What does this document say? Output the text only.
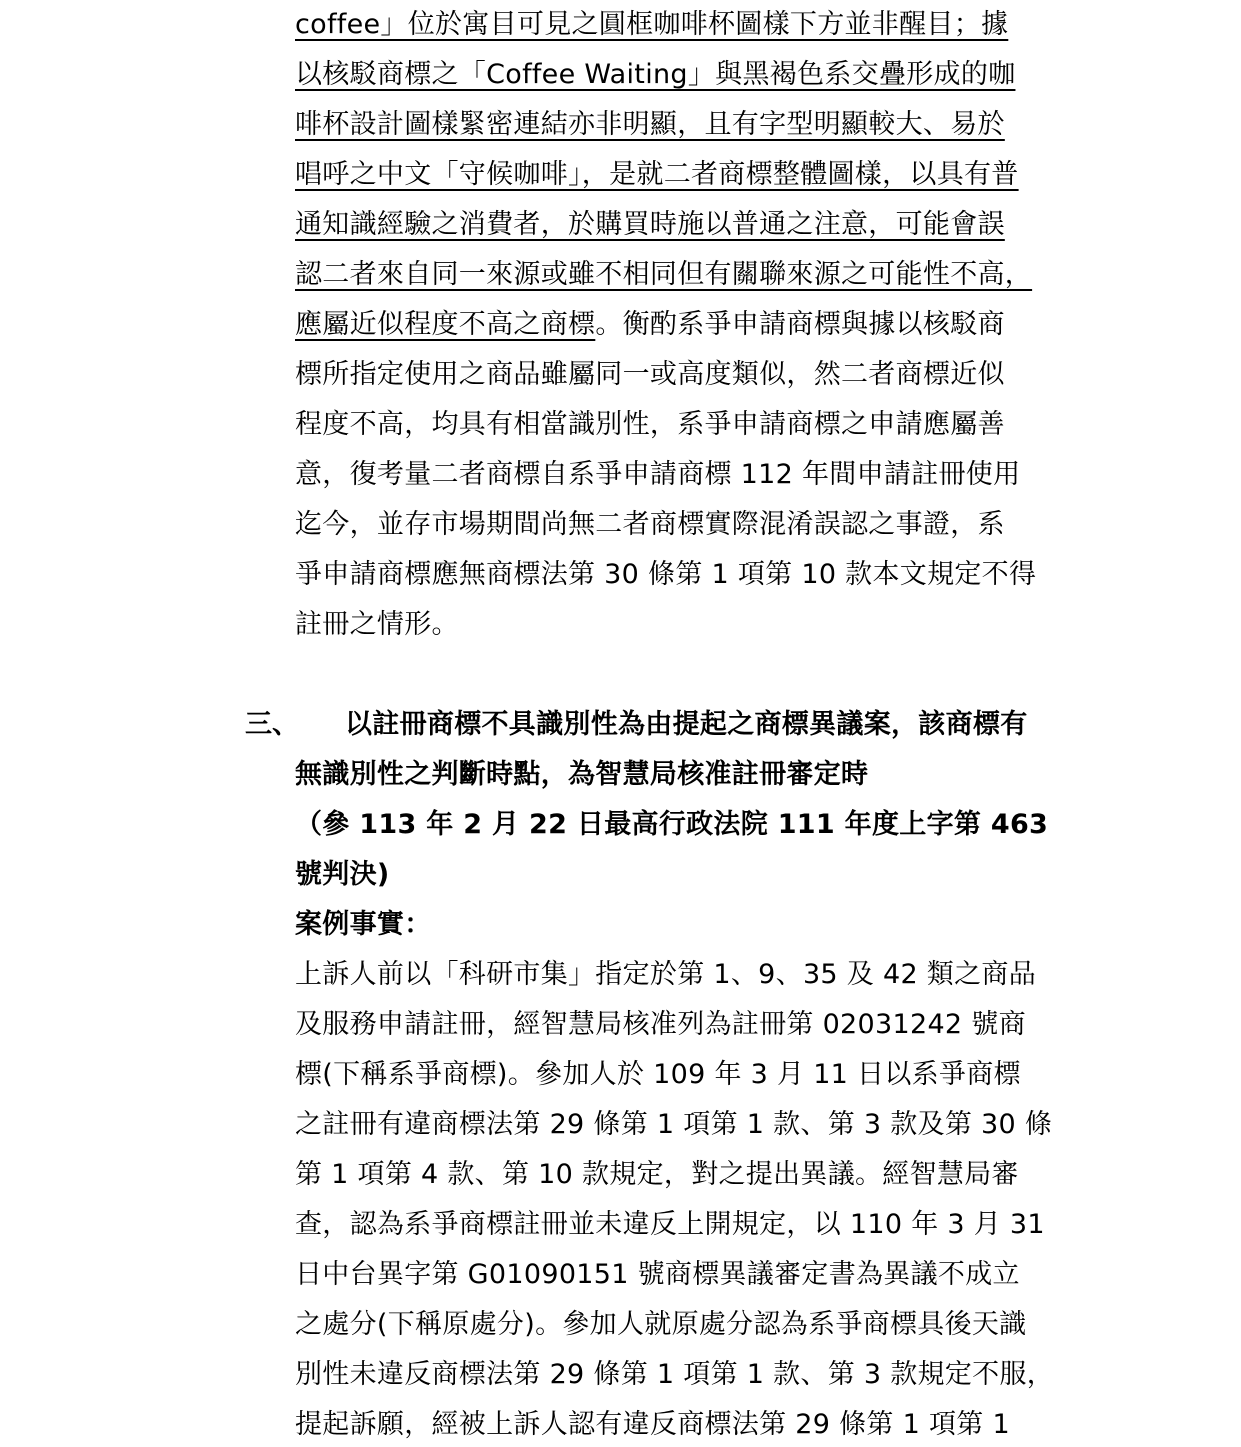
coffee」位於寓目可見之圓框咖啡杯圖樣下方並非醒目；據
以核駁商標之「Coffee Waiting」與黑褐色系交疊形成的咖
啡杯設計圖樣緊密連結亦非明顯，且有字型明顯較大、易於
唱呼之中文「守候咖啡」，是就二者商標整體圖樣，以具有普
通知識經驗之消費者，於購買時施以普通之注意，可能會誤
認二者來自同一來源或雖不相同但有關聯來源之可能性不高，
應屬近似程度不高之商標。衡酌系爭申請商標與據以核駁商
標所指定使用之商品雖屬同一或高度類似，然二者商標近似
程度不高，均具有相當識別性，系爭申請商標之申請應屬善
意，復考量二者商標自系爭申請商標 112 年間申請註冊使用
迄今，並存市場期間尚無二者商標實際混淆誤認之事證，系
爭申請商標應無商標法第 30 條第 1 項第 10 款本文規定不得
註冊之情形。
三、 以註冊商標不具識別性為由提起之商標異議案，該商標有
無識別性之判斷時點，為智慧局核准註冊審定時
（參 113 年 2 月 22 日最高行政法院 111 年度上字第 463
號判決)
案例事實：
上訴人前以「科研市集」指定於第 1、9、35 及 42 類之商品
及服務申請註冊，經智慧局核准列為註冊第 02031242 號商
標(下稱系爭商標)。參加人於 109 年 3 月 11 日以系爭商標
之註冊有違商標法第 29 條第 1 項第 1 款、第 3 款及第 30 條
第 1 項第 4 款、第 10 款規定，對之提出異議。經智慧局審
查，認為系爭商標註冊並未違反上開規定，以 110 年 3 月 31
日中台異字第 G01090151 號商標異議審定書為異議不成立
之處分(下稱原處分)。參加人就原處分認為系爭商標具後天識
別性未違反商標法第 29 條第 1 項第 1 款、第 3 款規定不服，
提起訴願，經被上訴人認有違反商標法第 29 條第 1 項第 1
